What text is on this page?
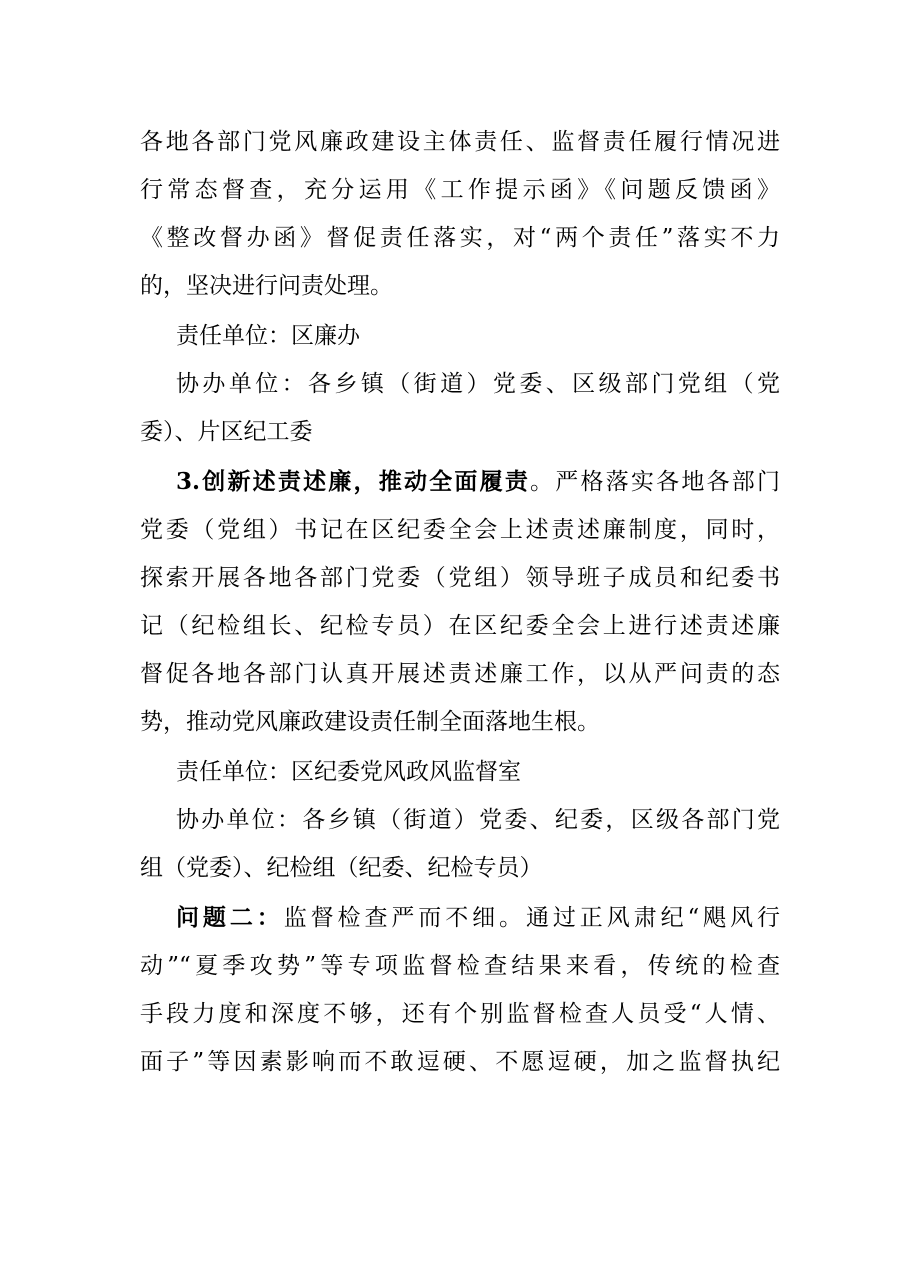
各地各部门党风廉政建设主体责任、监督责任履行情况进
行常态督查，充分运用《工作提示函》《问题反馈函》
《整改督办函》督促责任落实，对“两个责任”落实不力
的，坚决进行问责处理。
责任单位：区廉办
协办单位：各乡镇（街道）党委、区级部门党组（党
委）、片区纪工委
3.创新述责述廉，推动全面履责。严格落实各地各部门
党委（党组）书记在区纪委全会上述责述廉制度，同时，
探索开展各地各部门党委（党组）领导班子成员和纪委书
记（纪检组长、纪检专员）在区纪委全会上进行述责述廉
督促各地各部门认真开展述责述廉工作，以从严问责的态
势，推动党风廉政建设责任制全面落地生根。
责任单位：区纪委党风政风监督室
协办单位：各乡镇（街道）党委、纪委，区级各部门党
组（党委）、纪检组（纪委、纪检专员）
问题二：监督检查严而不细。通过正风肃纪“飓风行
动”“夏季攻势”等专项监督检查结果来看，传统的检查
手段力度和深度不够，还有个别监督检查人员受“人情、
面子”等因素影响而不敢逗硬、不愿逗硬，加之监督执纪
